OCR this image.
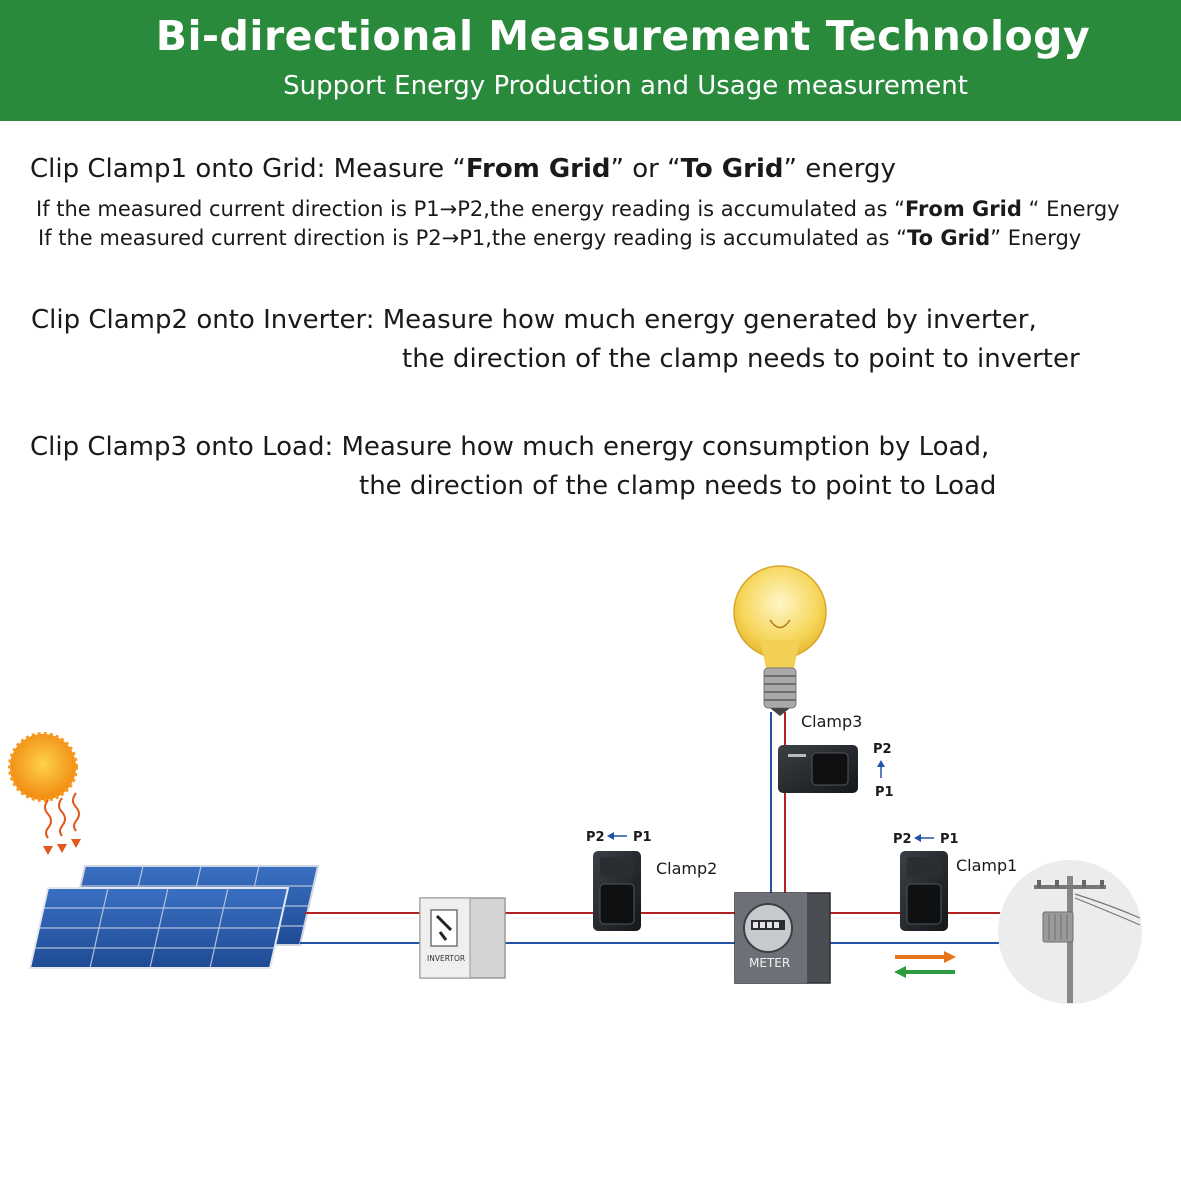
Bi-directional Measurement Technology
Support Energy Production and Usage measurement
Clip Clamp1 onto Grid: Measure “From Grid” or “To Grid” energy
If the measured current direction is P1→P2,the energy reading is accumulated as “From Grid “ Energy
If the measured current direction is P2→P1,the energy reading is accumulated as “To Grid” Energy
Clip Clamp2 onto Inverter: Measure how much energy generated by inverter,
the direction of the clamp needs to point to inverter
Clip Clamp3 onto Load: Measure how much energy consumption by Load,
the direction of the clamp needs to point to Load
Clamp3
P2
P1
INVERTOR
P2 P1
Clamp2
METER
P2 P1
Clamp1
